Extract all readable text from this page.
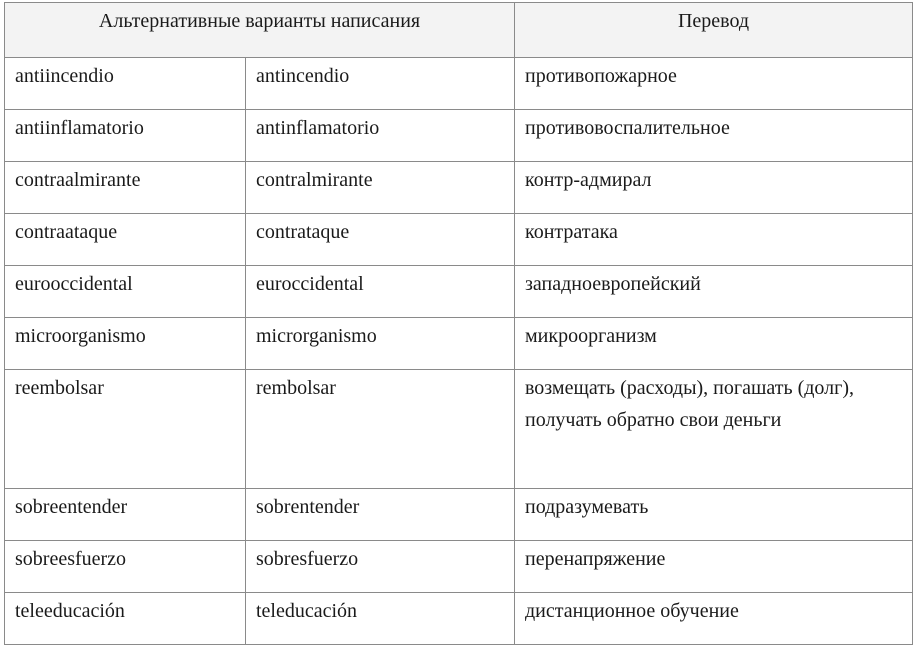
Альтернативные варианты написания		Перевод
antiincendio	antincendio	противопожарное
antiinflamatorio	antinflamatorio	противовоспалительное
contraalmirante	contralmirante	контр-адмирал
contraataque	contrataque	контратака
eurooccidental	euroccidental	западноевропейский
microorganismo	microrganismo	микроорганизм
reembolsar	rembolsar	возмещать (расходы), погашать (долг), получать обратно свои деньги
sobreentender	sobrentender	подразумевать
sobreesfuerzo	sobresfuerzo	перенапряжение
teleeducación	teleducación	дистанционное обучение
